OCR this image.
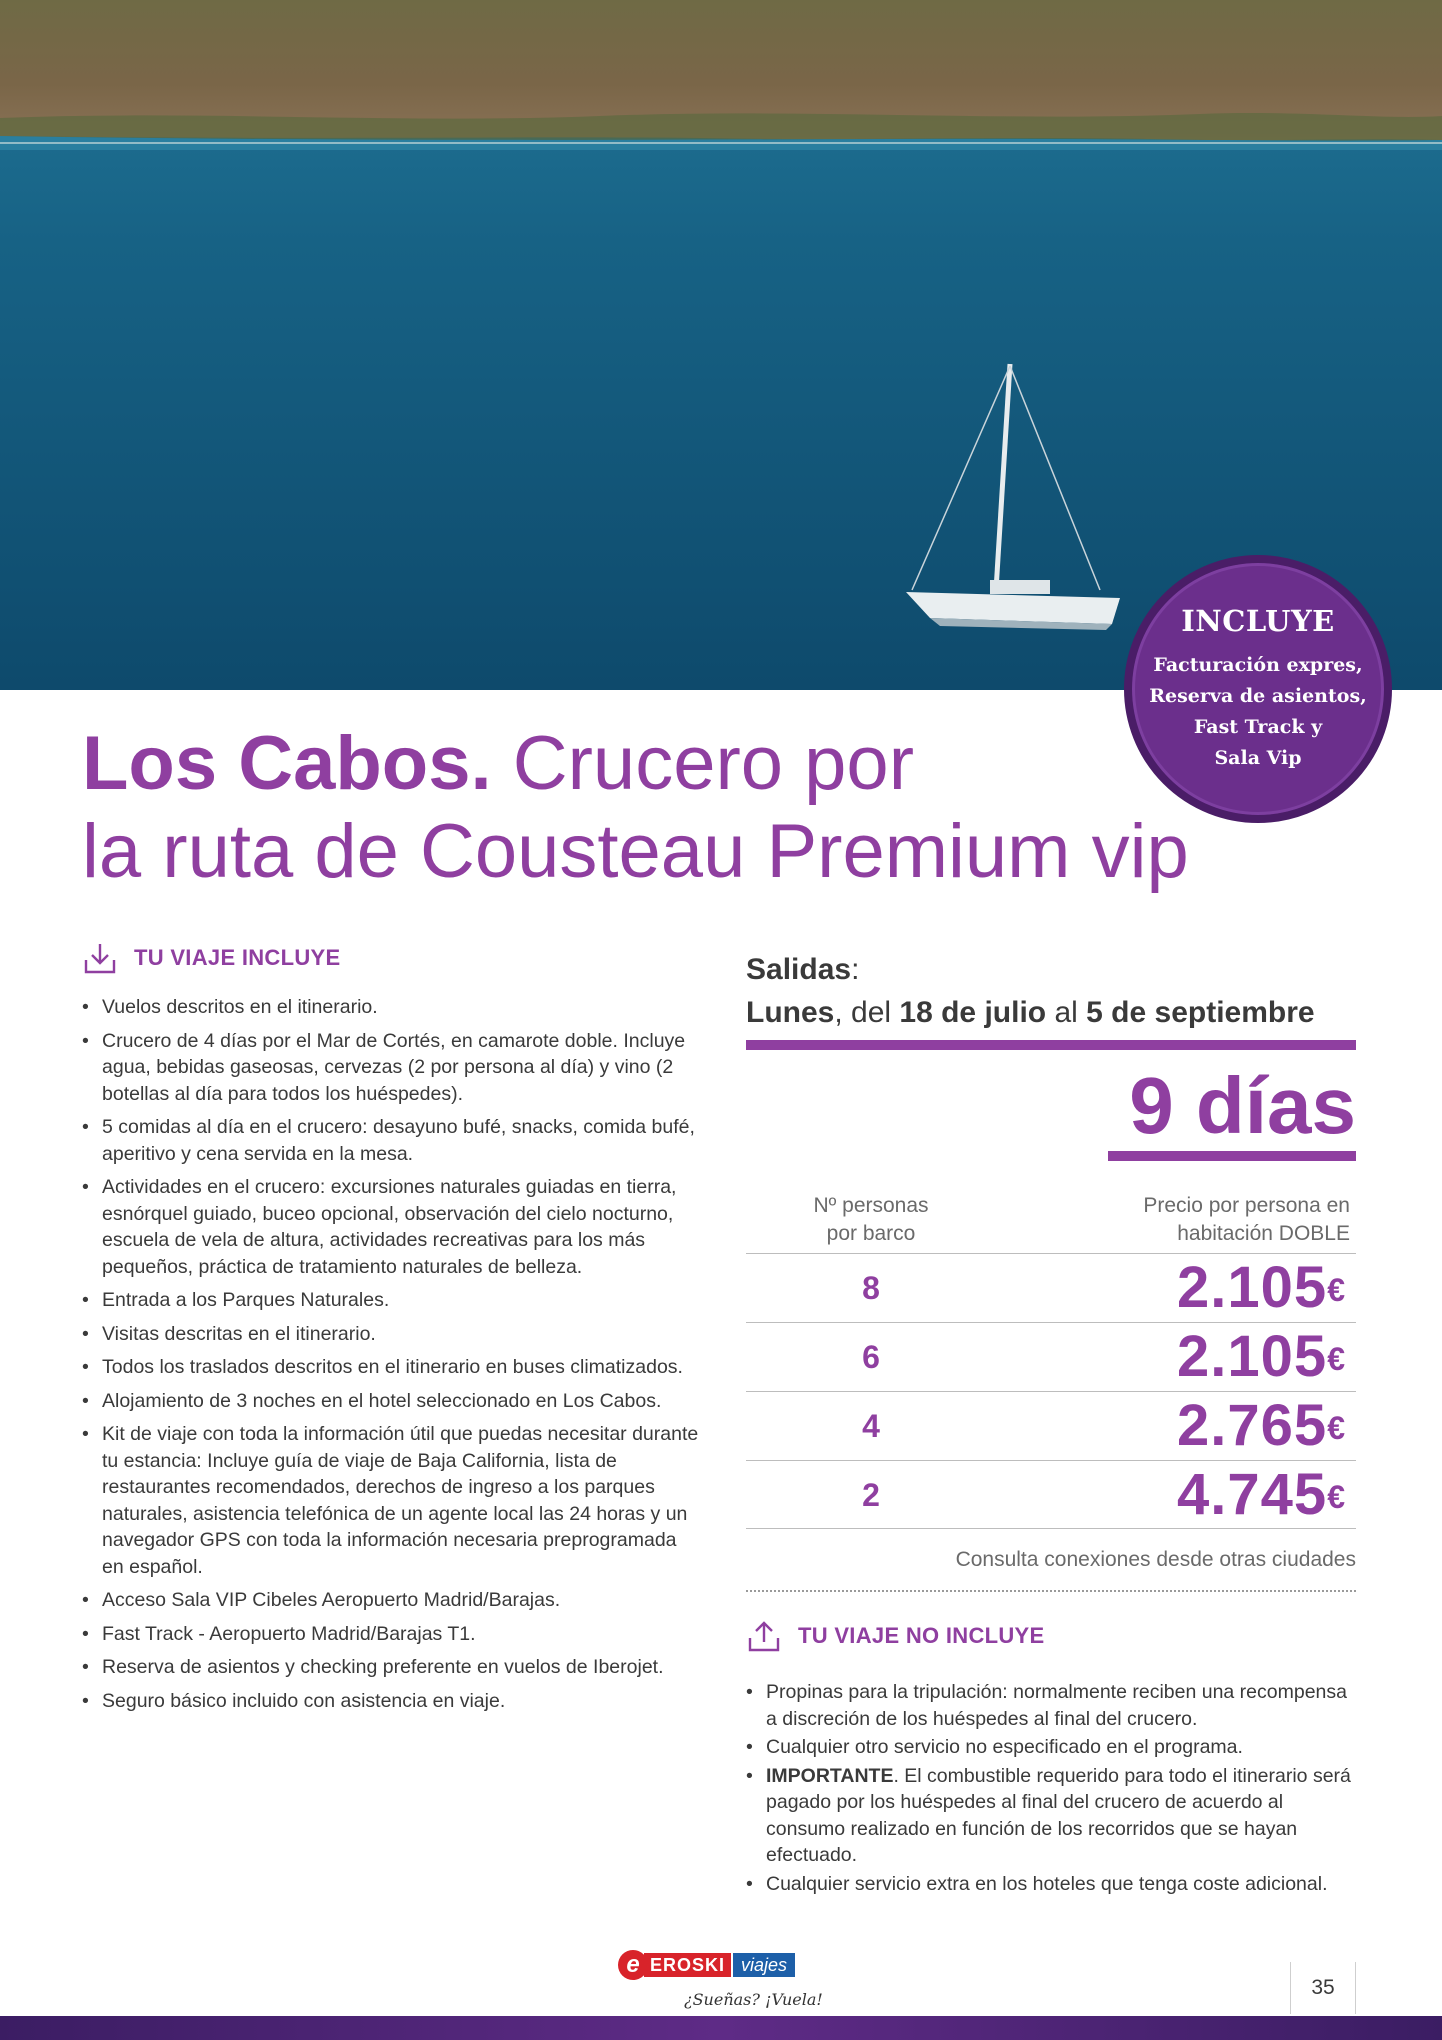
INCLUYE
Facturación expres,
Reserva de asientos,
Fast Track y
Sala Vip
Los Cabos. Crucero por
la ruta de Cousteau Premium vip
TU VIAJE INCLUYE
• Vuelos descritos en el itinerario.
• Crucero de 4 días por el Mar de Cortés, en camarote doble. Incluye agua, bebidas gaseosas, cervezas (2 por persona al día) y vino (2 botellas al día para todos los huéspedes).
• 5 comidas al día en el crucero: desayuno bufé, snacks, comida bufé, aperitivo y cena servida en la mesa.
• Actividades en el crucero: excursiones naturales guiadas en tierra, esnórquel guiado, buceo opcional, observación del cielo nocturno, escuela de vela de altura, actividades recreativas para los más pequeños, práctica de tratamiento naturales de belleza.
• Entrada a los Parques Naturales.
• Visitas descritas en el itinerario.
• Todos los traslados descritos en el itinerario en buses climatizados.
• Alojamiento de 3 noches en el hotel seleccionado en Los Cabos.
• Kit de viaje con toda la información útil que puedas necesitar durante tu estancia: Incluye guía de viaje de Baja California, lista de restaurantes recomendados, derechos de ingreso a los parques naturales, asistencia telefónica de un agente local las 24 horas y un navegador GPS con toda la información necesaria preprogramada en español.
• Acceso Sala VIP Cibeles Aeropuerto Madrid/Barajas.
• Fast Track - Aeropuerto Madrid/Barajas T1.
• Reserva de asientos y checking preferente en vuelos de Iberojet.
• Seguro básico incluido con asistencia en viaje.
Salidas:
Lunes, del 18 de julio al 5 de septiembre
9 días
Nº personas
por barco
Precio por persona en
habitación DOBLE
8	2.105€
6	2.105€
4	2.765€
2	4.745€
Consulta conexiones desde otras ciudades
TU VIAJE NO INCLUYE
• Propinas para la tripulación: normalmente reciben una recompensa a discreción de los huéspedes al final del crucero.
• Cualquier otro servicio no especificado en el programa.
• IMPORTANTE. El combustible requerido para todo el itinerario será pagado por los huéspedes al final del crucero de acuerdo al consumo realizado en función de los recorridos que se hayan efectuado.
• Cualquier servicio extra en los hoteles que tenga coste adicional.
e EROSKI viajes
¿Sueñas? ¡Vuela!
35
